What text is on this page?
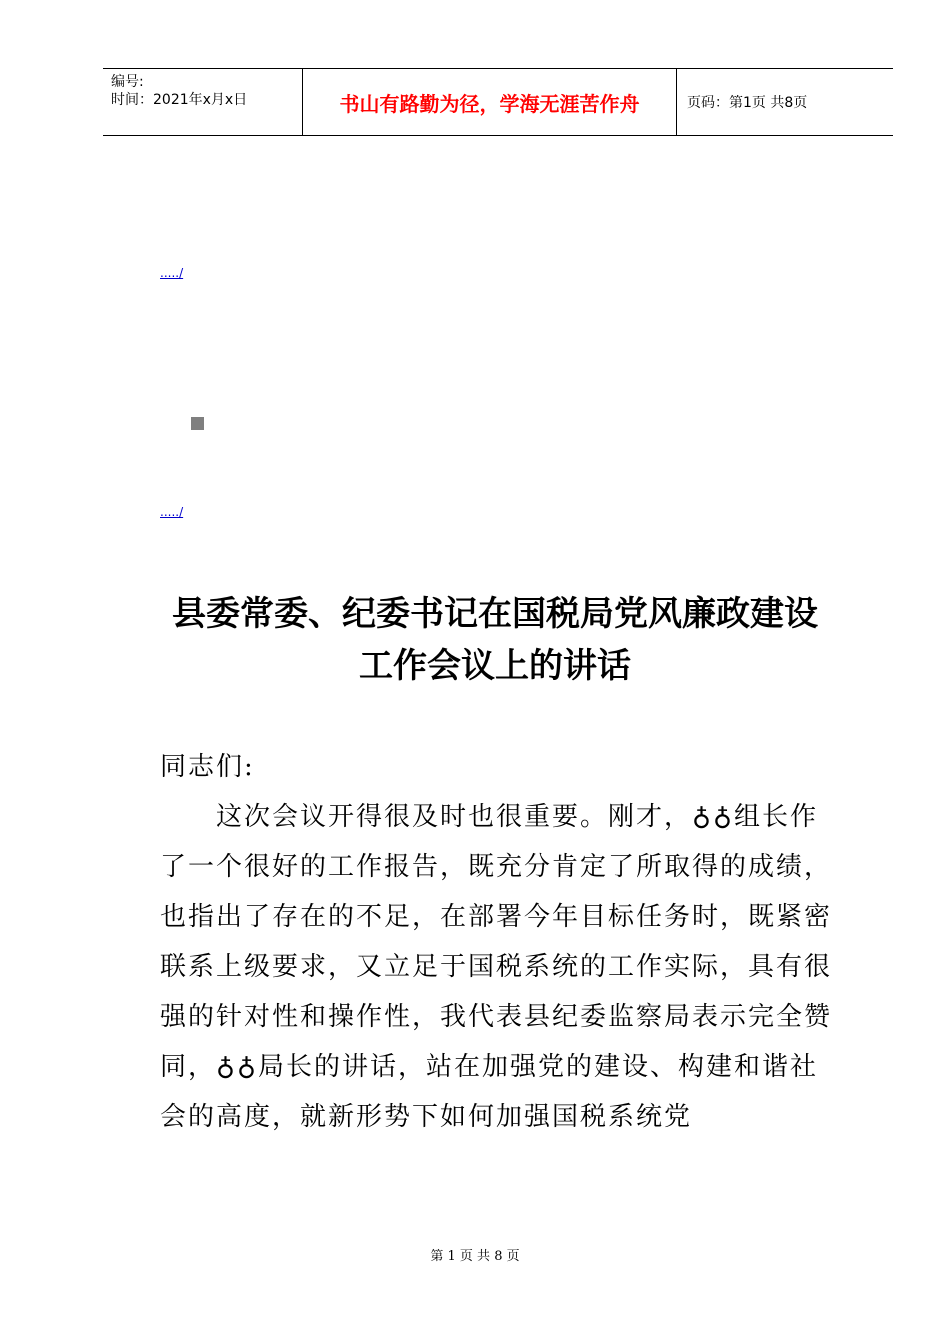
编号:
时间：2021年x月x日	书山有路勤为径，学海无涯苦作舟	页码：第1页 共8页
...../
...../
县委常委、纪委书记在国税局党风廉政建设
工作会议上的讲话

同志们:

这次会议开得很及时也很重要。刚才，♁♁组长作了一个很好的工作报告，既充分肯定了所取得的成绩，也指出了存在的不足，在部署今年目标任务时，既紧密联系上级要求，又立足于国税系统的工作实际，具有很强的针对性和操作性，我代表县纪委监察局表示完全赞同，♁♁局长的讲话，站在加强党的建设、构建和谐社会的高度，就新形势下如何加强国税系统党

第 1 页 共 8 页
